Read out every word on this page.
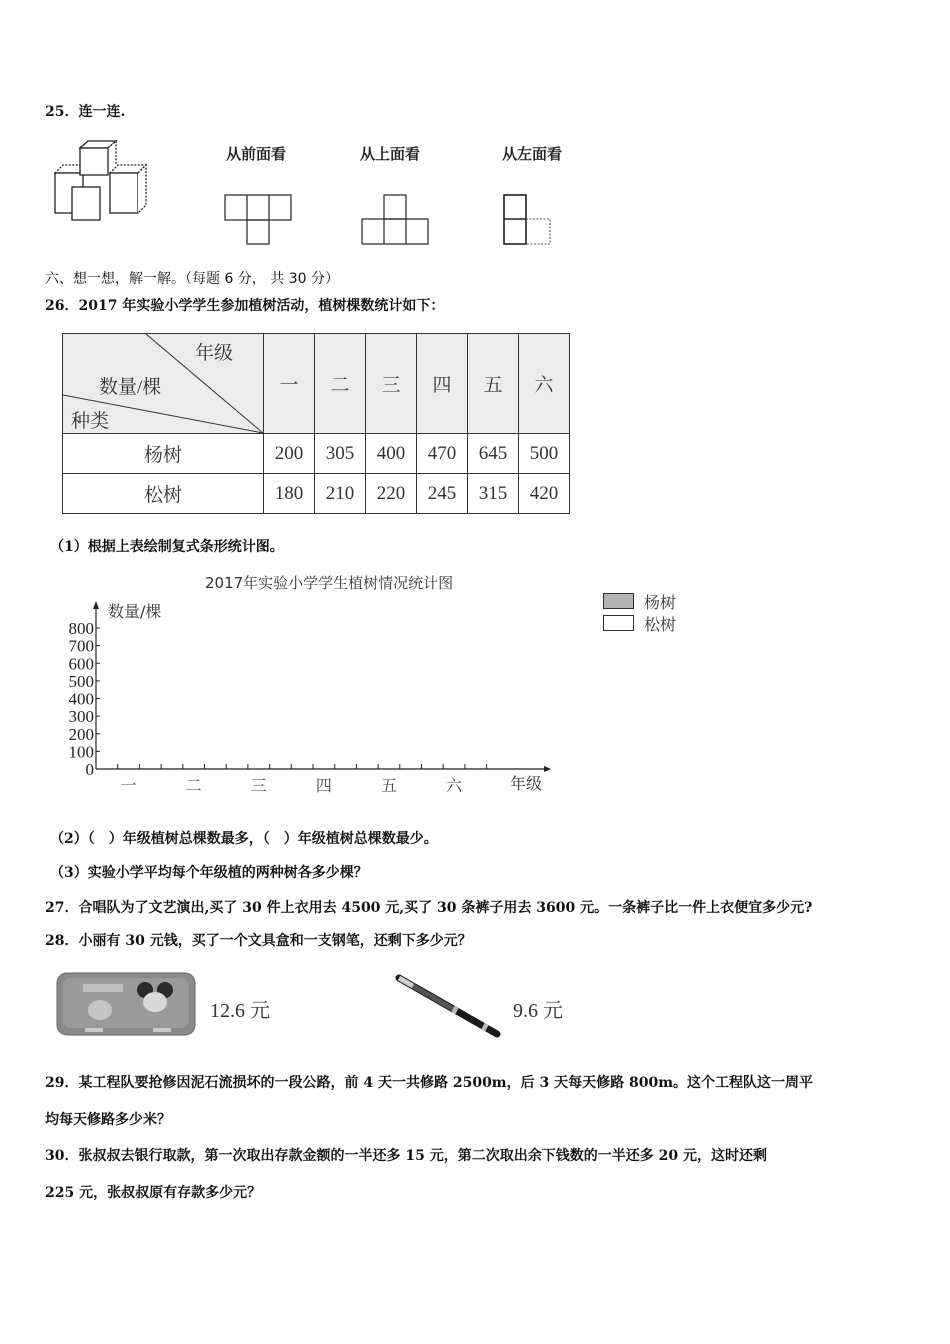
25．连一连.
从前面看	从上面看	从左面看
六、想一想，解一解。（每题 6 分， 共 30 分）
26．2017 年实验小学学生参加植树活动，植树棵数统计如下：
年级
数量/棵
种类	一	二	三	四	五	六
杨树	200	305	400	470	645	500
松树	180	210	220	245	315	420
（1）根据上表绘制复式条形统计图。
2017年实验小学学生植树情况统计图
数量/棵
0
100
200
300
400
500
600
700
800
一	二	三	四	五	六	年级
杨树
松树
（2）（　）年级植树总棵数最多，（　）年级植树总棵数最少。
（3）实验小学平均每个年级植的两种树各多少棵？
27．合唱队为了文艺演出,买了 30 件上衣用去 4500 元,买了 30 条裤子用去 3600 元。一条裤子比一件上衣便宜多少元?
28．小丽有 30 元钱，买了一个文具盒和一支钢笔，还剩下多少元？
12.6 元	9.6 元
29．某工程队要抢修因泥石流损坏的一段公路，前 4 天一共修路 2500m，后 3 天每天修路 800m。这个工程队这一周平
均每天修路多少米？
30．张叔叔去银行取款，第一次取出存款金额的一半还多 15 元，第二次取出余下钱数的一半还多 20 元，这时还剩
225 元，张叔叔原有存款多少元？
